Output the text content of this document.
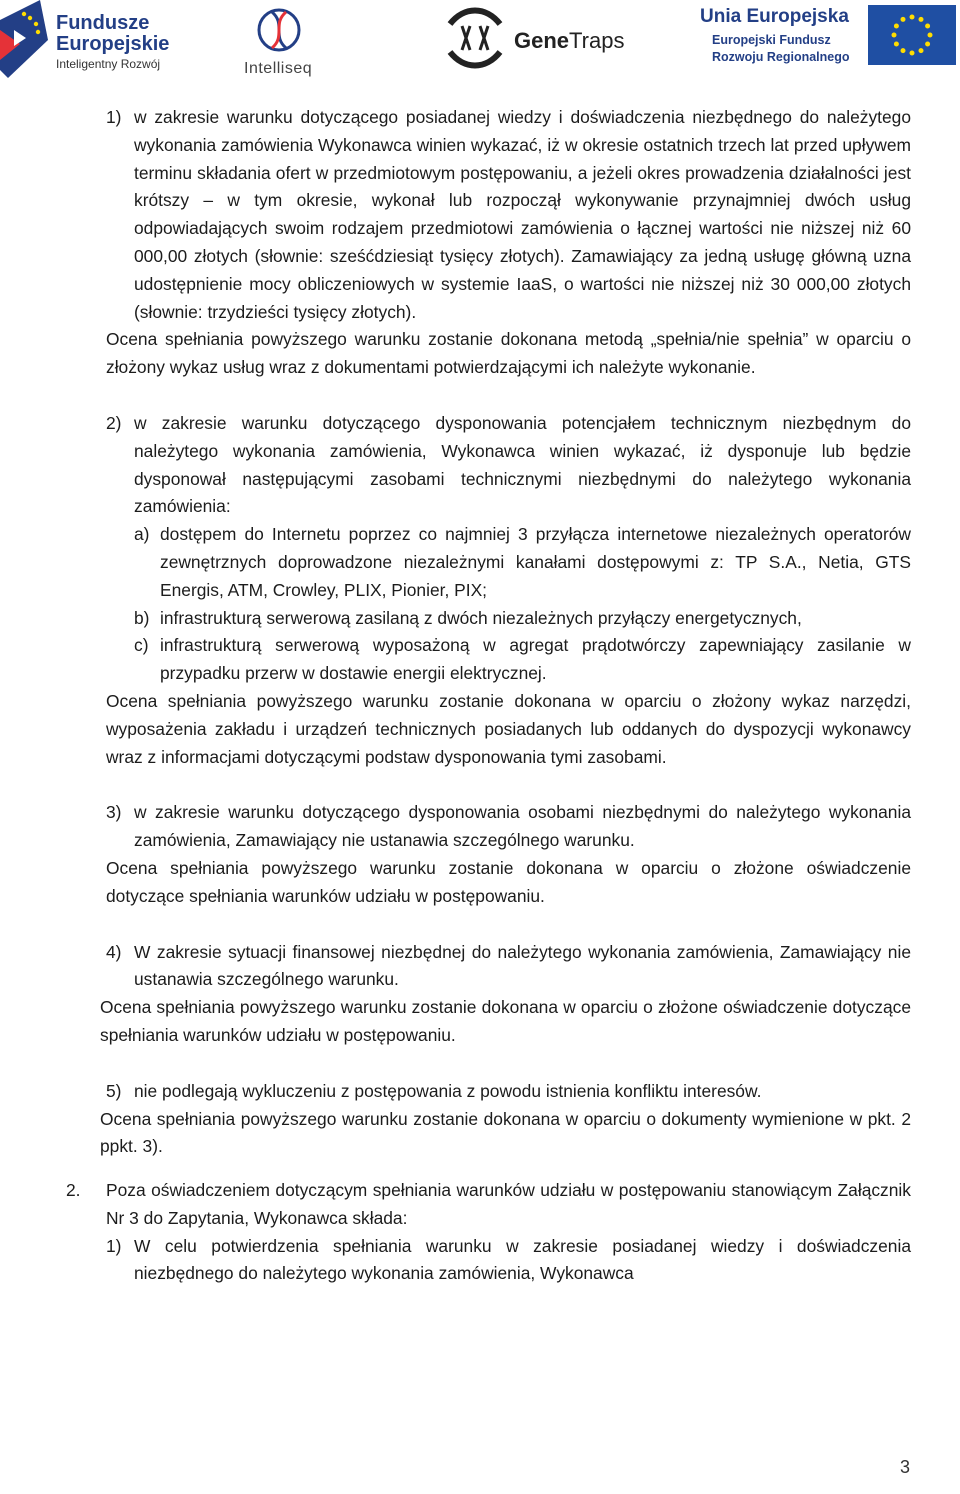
Fundusze
Europejskie
Inteligentny Rozwój	Intelliseq
GeneTraps
Unia Europejska
Europejski Fundusz
Rozwoju Regionalnego
1) w zakresie warunku dotyczącego posiadanej wiedzy i doświadczenia niezbędnego do należytego wykonania zamówienia Wykonawca winien wykazać, iż w okresie ostatnich trzech lat przed upływem terminu składania ofert w przedmiotowym postępowaniu, a jeżeli okres prowadzenia działalności jest krótszy – w tym okresie, wykonał lub rozpoczął wykonywanie przynajmniej dwóch usług odpowiadających swoim rodzajem przedmiotowi zamówienia o łącznej wartości nie niższej niż 60 000,00 złotych (słownie: sześćdziesiąt tysięcy złotych). Zamawiający za jedną usługę główną uzna udostępnienie mocy obliczeniowych w systemie IaaS, o wartości nie niższej niż 30 000,00 złotych (słownie: trzydzieści tysięcy złotych).

Ocena spełniania powyższego warunku zostanie dokonana metodą „spełnia/nie spełnia” w oparciu o złożony wykaz usług wraz z dokumentami potwierdzającymi ich należyte wykonanie.

2) w zakresie warunku dotyczącego dysponowania potencjałem technicznym niezbędnym do należytego wykonania zamówienia, Wykonawca winien wykazać, iż dysponuje lub będzie dysponował następującymi zasobami technicznymi niezbędnymi do należytego wykonania zamówienia:
a) dostępem do Internetu poprzez co najmniej 3 przyłącza internetowe niezależnych operatorów zewnętrznych doprowadzone niezależnymi kanałami dostępowymi z: TP S.A., Netia, GTS Energis, ATM, Crowley, PLIX, Pionier, PIX;
b) infrastrukturą serwerową zasilaną z dwóch niezależnych przyłączy energetycznych,
c) infrastrukturą serwerową wyposażoną w agregat prądotwórczy zapewniający zasilanie w przypadku przerw w dostawie energii elektrycznej.

Ocena spełniania powyższego warunku zostanie dokonana w oparciu o złożony wykaz narzędzi, wyposażenia zakładu i urządzeń technicznych posiadanych lub oddanych do dyspozycji wykonawcy wraz z informacjami dotyczącymi podstaw dysponowania tymi zasobami.

3) w zakresie warunku dotyczącego dysponowania osobami niezbędnymi do należytego wykonania zamówienia, Zamawiający nie ustanawia szczególnego warunku.

Ocena spełniania powyższego warunku zostanie dokonana w oparciu o złożone oświadczenie dotyczące spełniania warunków udziału w postępowaniu.

4) W zakresie sytuacji finansowej niezbędnej do należytego wykonania zamówienia, Zamawiający nie ustanawia szczególnego warunku.

Ocena spełniania powyższego warunku zostanie dokonana w oparciu o złożone oświadczenie dotyczące spełniania warunków udziału w postępowaniu.

5) nie podlegają wykluczeniu z postępowania z powodu istnienia konfliktu interesów.

Ocena spełniania powyższego warunku zostanie dokonana w oparciu o dokumenty wymienione w pkt. 2 ppkt. 3).

2. Poza oświadczeniem dotyczącym spełniania warunków udziału w postępowaniu stanowiącym Załącznik Nr 3 do Zapytania, Wykonawca składa:
1) W celu potwierdzenia spełniania warunku w zakresie posiadanej wiedzy i doświadczenia niezbędnego do należytego wykonania zamówienia, Wykonawca
3
